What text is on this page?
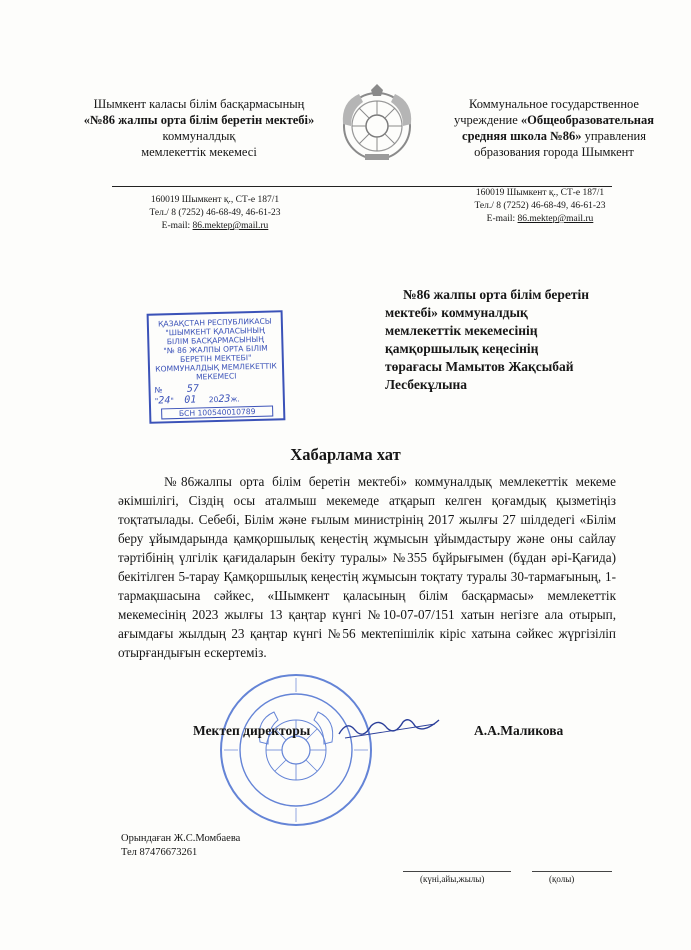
Шымкент каласы білім басқармасының
«№86 жалпы орта білім беретін мектебі» коммуналдық
мемлекеттік мекемесі
Коммунальное государственное
учреждение «Общеобразовательная средняя школа №86» управления
образования города Шымкент
160019 Шымкент қ., СТ-е 187/1
Тел./ 8 (7252) 46-68-49, 46-61-23
E-mail: 86.mektep@mail.ru
160019 Шымкент қ., СТ-е 187/1
Тел./ 8 (7252) 46-68-49, 46-61-23
E-mail: 86.mektep@mail.ru
ҚАЗАҚСТАН РЕСПУБЛИКАСЫ
"ШЫМКЕНТ ҚАЛАСЫНЫҢ
БІЛІМ БАСҚАРМАСЫНЫҢ
"№ 86 ЖАЛПЫ ОРТА БІЛІМ
БЕРЕТІН МЕКТЕБІ"
КОММУНАЛДЫҚ МЕМЛЕКЕТТІК
МЕКЕМЕСІ
№ 57
"24" 01 2023ж.
БСН 100540010789
№86 жалпы орта білім беретін
мектебі» коммуналдық
мемлекеттік мекемесінің
қамқоршылық кеңесінің
төрағасы Мамытов Жақсыбай
Лесбекұлына
Хабарлама хат
№86жалпы орта білім беретін мектебі» коммуналдық мемлекеттік мекеме әкімшілігі, Сіздің осы аталмыш мекемеде атқарып келген қоғамдық қызметіңіз тоқтатылады. Себебі, Білім және ғылым министрінің 2017 жылғы 27 шілдедегі «Білім беру ұйымдарында қамқоршылық кеңестің жұмысын ұйымдастыру және оны сайлау тәртібінің үлгілік қағидаларын бекіту туралы» №355 бұйрығымен (бұдан әрі-Қағида) бекітілген 5-тарау Қамқоршылық кеңестің жұмысын тоқтату туралы 30-тармағының, 1-тармақшасына сәйкес, «Шымкент қаласының білім басқармасы» мемлекеттік мекемесінің 2023 жылғы 13 қаңтар күнгі №10-07-07/151 хатын негізге ала отырып, ағымдағы жылдың 23 қаңтар күнгі №56 мектепішілік кіріс хатына сәйкес жүргізіліп отырғандығын ескертеміз.
Мектеп директоры	А.А.Маликова
Орындаған Ж.С.Момбаева
Тел 87476673261
(күні,айы,жылы)	(қолы)
